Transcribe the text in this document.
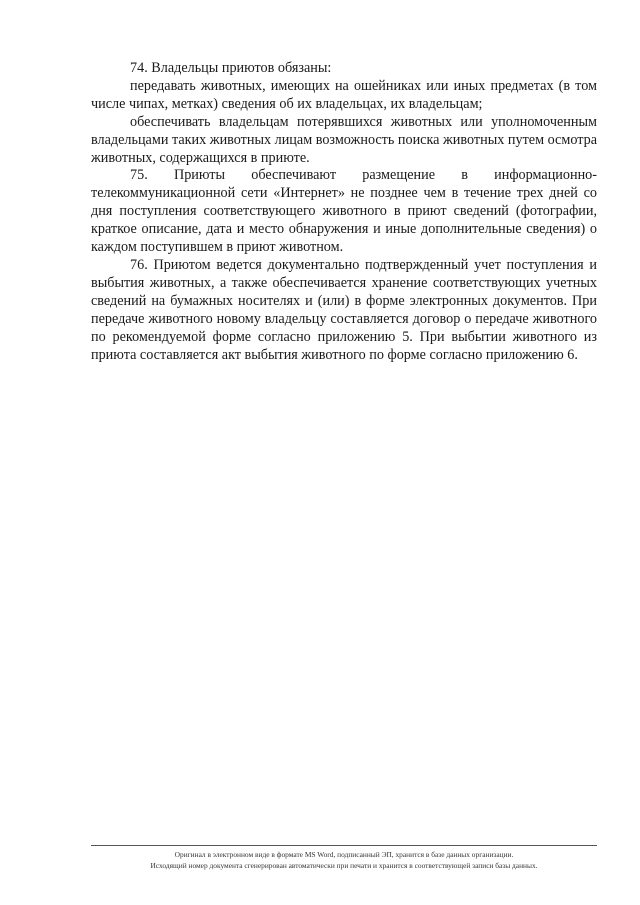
74. Владельцы приютов обязаны:

передавать животных, имеющих на ошейниках или иных предметах (в том числе чипах, метках) сведения об их владельцах, их владельцам;

обеспечивать владельцам потерявшихся животных или уполномоченным владельцами таких животных лицам возможность поиска животных путем осмотра животных, содержащихся в приюте.

75. Приюты обеспечивают размещение в информационно-телекоммуникационной сети «Интернет» не позднее чем в течение трех дней со дня поступления соответствующего животного в приют сведений (фотографии, краткое описание, дата и место обнаружения и иные дополнительные сведения) о каждом поступившем в приют животном.

76. Приютом ведется документально подтвержденный учет поступления и выбытия животных, а также обеспечивается хранение соответствующих учетных сведений на бумажных носителях и (или) в форме электронных документов. При передаче животного новому владельцу составляется договор о передаче животного по рекомендуемой форме согласно приложению 5. При выбытии животного из приюта составляется акт выбытия животного по форме согласно приложению 6.

Оригинал в электронном виде в формате MS Word, подписанный ЭП, хранится в базе данных организации.
Исходящий номер документа сгенерирован автоматически при печати и хранится в соответствующей записи базы данных.
